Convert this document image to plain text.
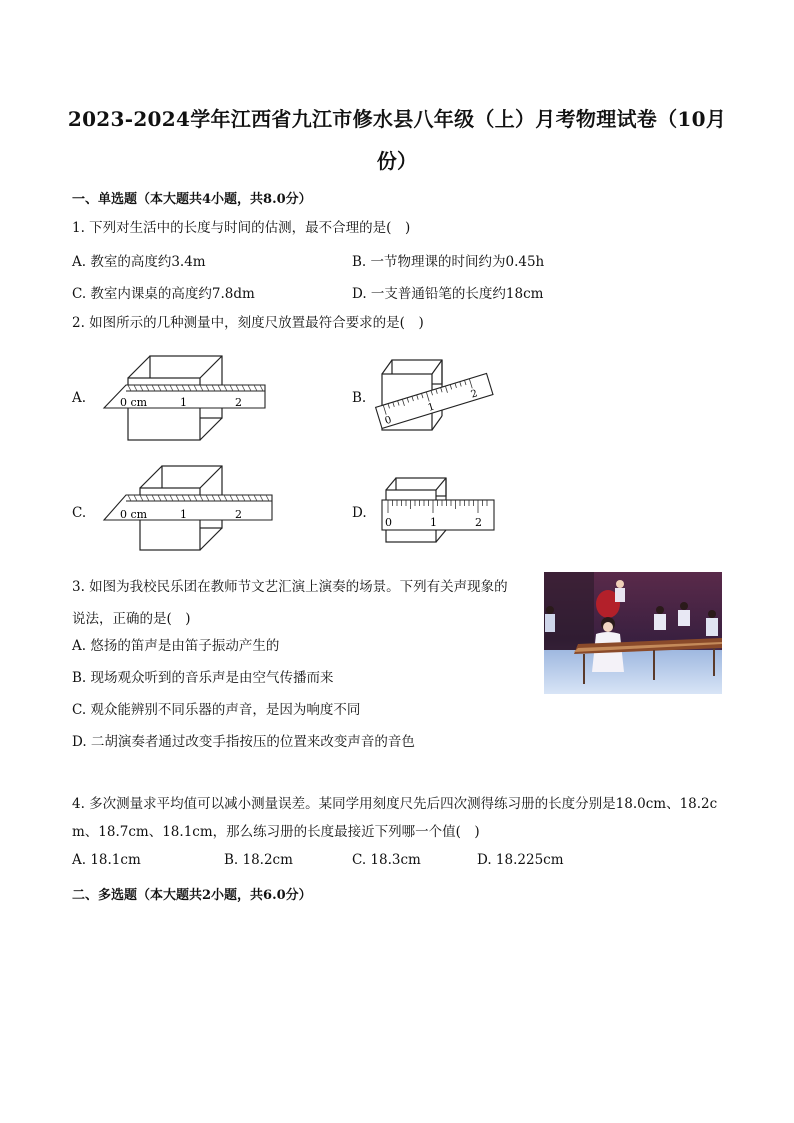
2023-2024学年江西省九江市修水县八年级（上）月考物理试卷（10月
份）
一、单选题（本大题共4小题，共8.0分）
1. 下列对生活中的长度与时间的估测，最不合理的是(　)
A. 教室的高度约3.4m	B. 一节物理课的时间约为0.45h
C. 教室内课桌的高度约7.8dm	D. 一支普通铅笔的长度约18cm
2. 如图所示的几种测量中，刻度尺放置最符合要求的是(　)
A.	0 cm	1	2	B.
0
1
2
C.	0 cm	1	2	D.
0	1	2
3. 如图为我校民乐团在教师节文艺汇演上演奏的场景。下列有关声现象的
说法，正确的是(　)
A. 悠扬的笛声是由笛子振动产生的
B. 现场观众听到的音乐声是由空气传播而来
C. 观众能辨别不同乐器的声音，是因为响度不同
D. 二胡演奏者通过改变手指按压的位置来改变声音的音色
4. 多次测量求平均值可以减小测量误差。某同学用刻度尺先后四次测得练习册的长度分别是18.0cm、18.2c
m、18.7cm、18.1cm，那么练习册的长度最接近下列哪一个值(　)
A. 18.1cm	B. 18.2cm	C. 18.3cm	D. 18.225cm
二、多选题（本大题共2小题，共6.0分）
